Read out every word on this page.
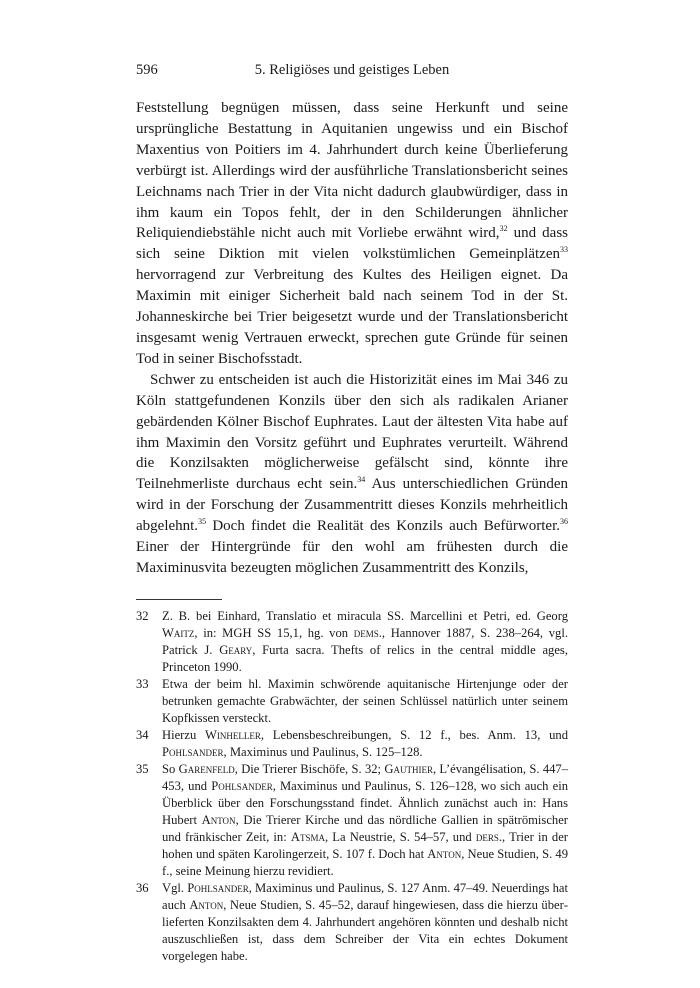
596	5. Religiöses und geistiges Leben

Feststellung begnügen müssen, dass seine Herkunft und seine ursprüngliche Bestattung in Aquitanien ungewiss und ein Bischof Maxentius von Poitiers im 4. Jahrhundert durch keine Überlieferung verbürgt ist. Allerdings wird der ausführliche Translationsbericht seines Leichnams nach Trier in der Vita nicht dadurch glaubwürdiger, dass in ihm kaum ein Topos fehlt, der in den Schilderungen ähnlicher Reliquiendiebstähle nicht auch mit Vorliebe erwähnt wird,$^{32}$ und dass sich seine Diktion mit vielen volkstümlichen Gemeinplätzen$^{33}$ hervorragend zur Verbreitung des Kultes des Heiligen eignet. Da Maximin mit einiger Sicherheit bald nach seinem Tod in der St. Johanneskirche bei Trier beigesetzt wurde und der Translationsbericht insgesamt wenig Vertrauen erweckt, sprechen gute Gründe für seinen Tod in seiner Bischofsstadt.

Schwer zu entscheiden ist auch die Historizität eines im Mai 346 zu Köln stattgefundenen Konzils über den sich als radikalen Arianer gebärdenden Kölner Bischof Euphrates. Laut der ältesten Vita habe auf ihm Maximin den Vorsitz geführt und Euphrates verurteilt. Während die Konzilsakten möglicherweise gefälscht sind, könnte ihre Teilnehmerliste durchaus echt sein.$^{34}$ Aus unterschiedlichen Gründen wird in der Forschung der Zusammentritt dieses Konzils mehrheitlich abgelehnt.$^{35}$ Doch findet die Realität des Konzils auch Befürworter.$^{36}$ Einer der Hintergründe für den wohl am frühesten durch die Maximinusvita bezeugten möglichen Zusammentritt des Konzils,

32 Z. B. bei Einhard, Translatio et miracula SS. Marcellini et Petri, ed. Georg Waitz, in: MGH SS 15,1, hg. von dems., Hannover 1887, S. 238–264, vgl. Patrick J. Geary, Furta sacra. Thefts of relics in the central middle ages, Princeton 1990.
33 Etwa der beim hl. Maximin schwörende aquitanische Hirtenjunge oder der betrunken gemachte Grabwächter, der seinen Schlüssel natürlich unter seinem Kopfkissen versteckt.
34 Hierzu Winheller, Lebensbeschreibungen, S. 12 f., bes. Anm. 13, und Pohlsander, Maximinus und Paulinus, S. 125–128.
35 So Garenfeld, Die Trierer Bischöfe, S. 32; Gauthier, L’évangélisation, S. 447–453, und Pohlsander, Maximinus und Paulinus, S. 126–128, wo sich auch ein Überblick über den Forschungsstand findet. Ähnlich zunächst auch in: Hans Hubert Anton, Die Trierer Kirche und das nördliche Gallien in spätrömischer und fränkischer Zeit, in: Atsma, La Neustrie, S. 54–57, und ders., Trier in der hohen und späten Karolingerzeit, S. 107 f. Doch hat Anton, Neue Studien, S. 49 f., seine Meinung hierzu revidiert.
36 Vgl. Pohlsander, Maximinus und Paulinus, S. 127 Anm. 47–49. Neuerdings hat auch Anton, Neue Studien, S. 45–52, darauf hingewiesen, dass die hierzu überlieferten Konzilsakten dem 4. Jahrhundert angehören könnten und deshalb nicht auszuschließen ist, dass dem Schreiber der Vita ein echtes Dokument vorgelegen habe.
